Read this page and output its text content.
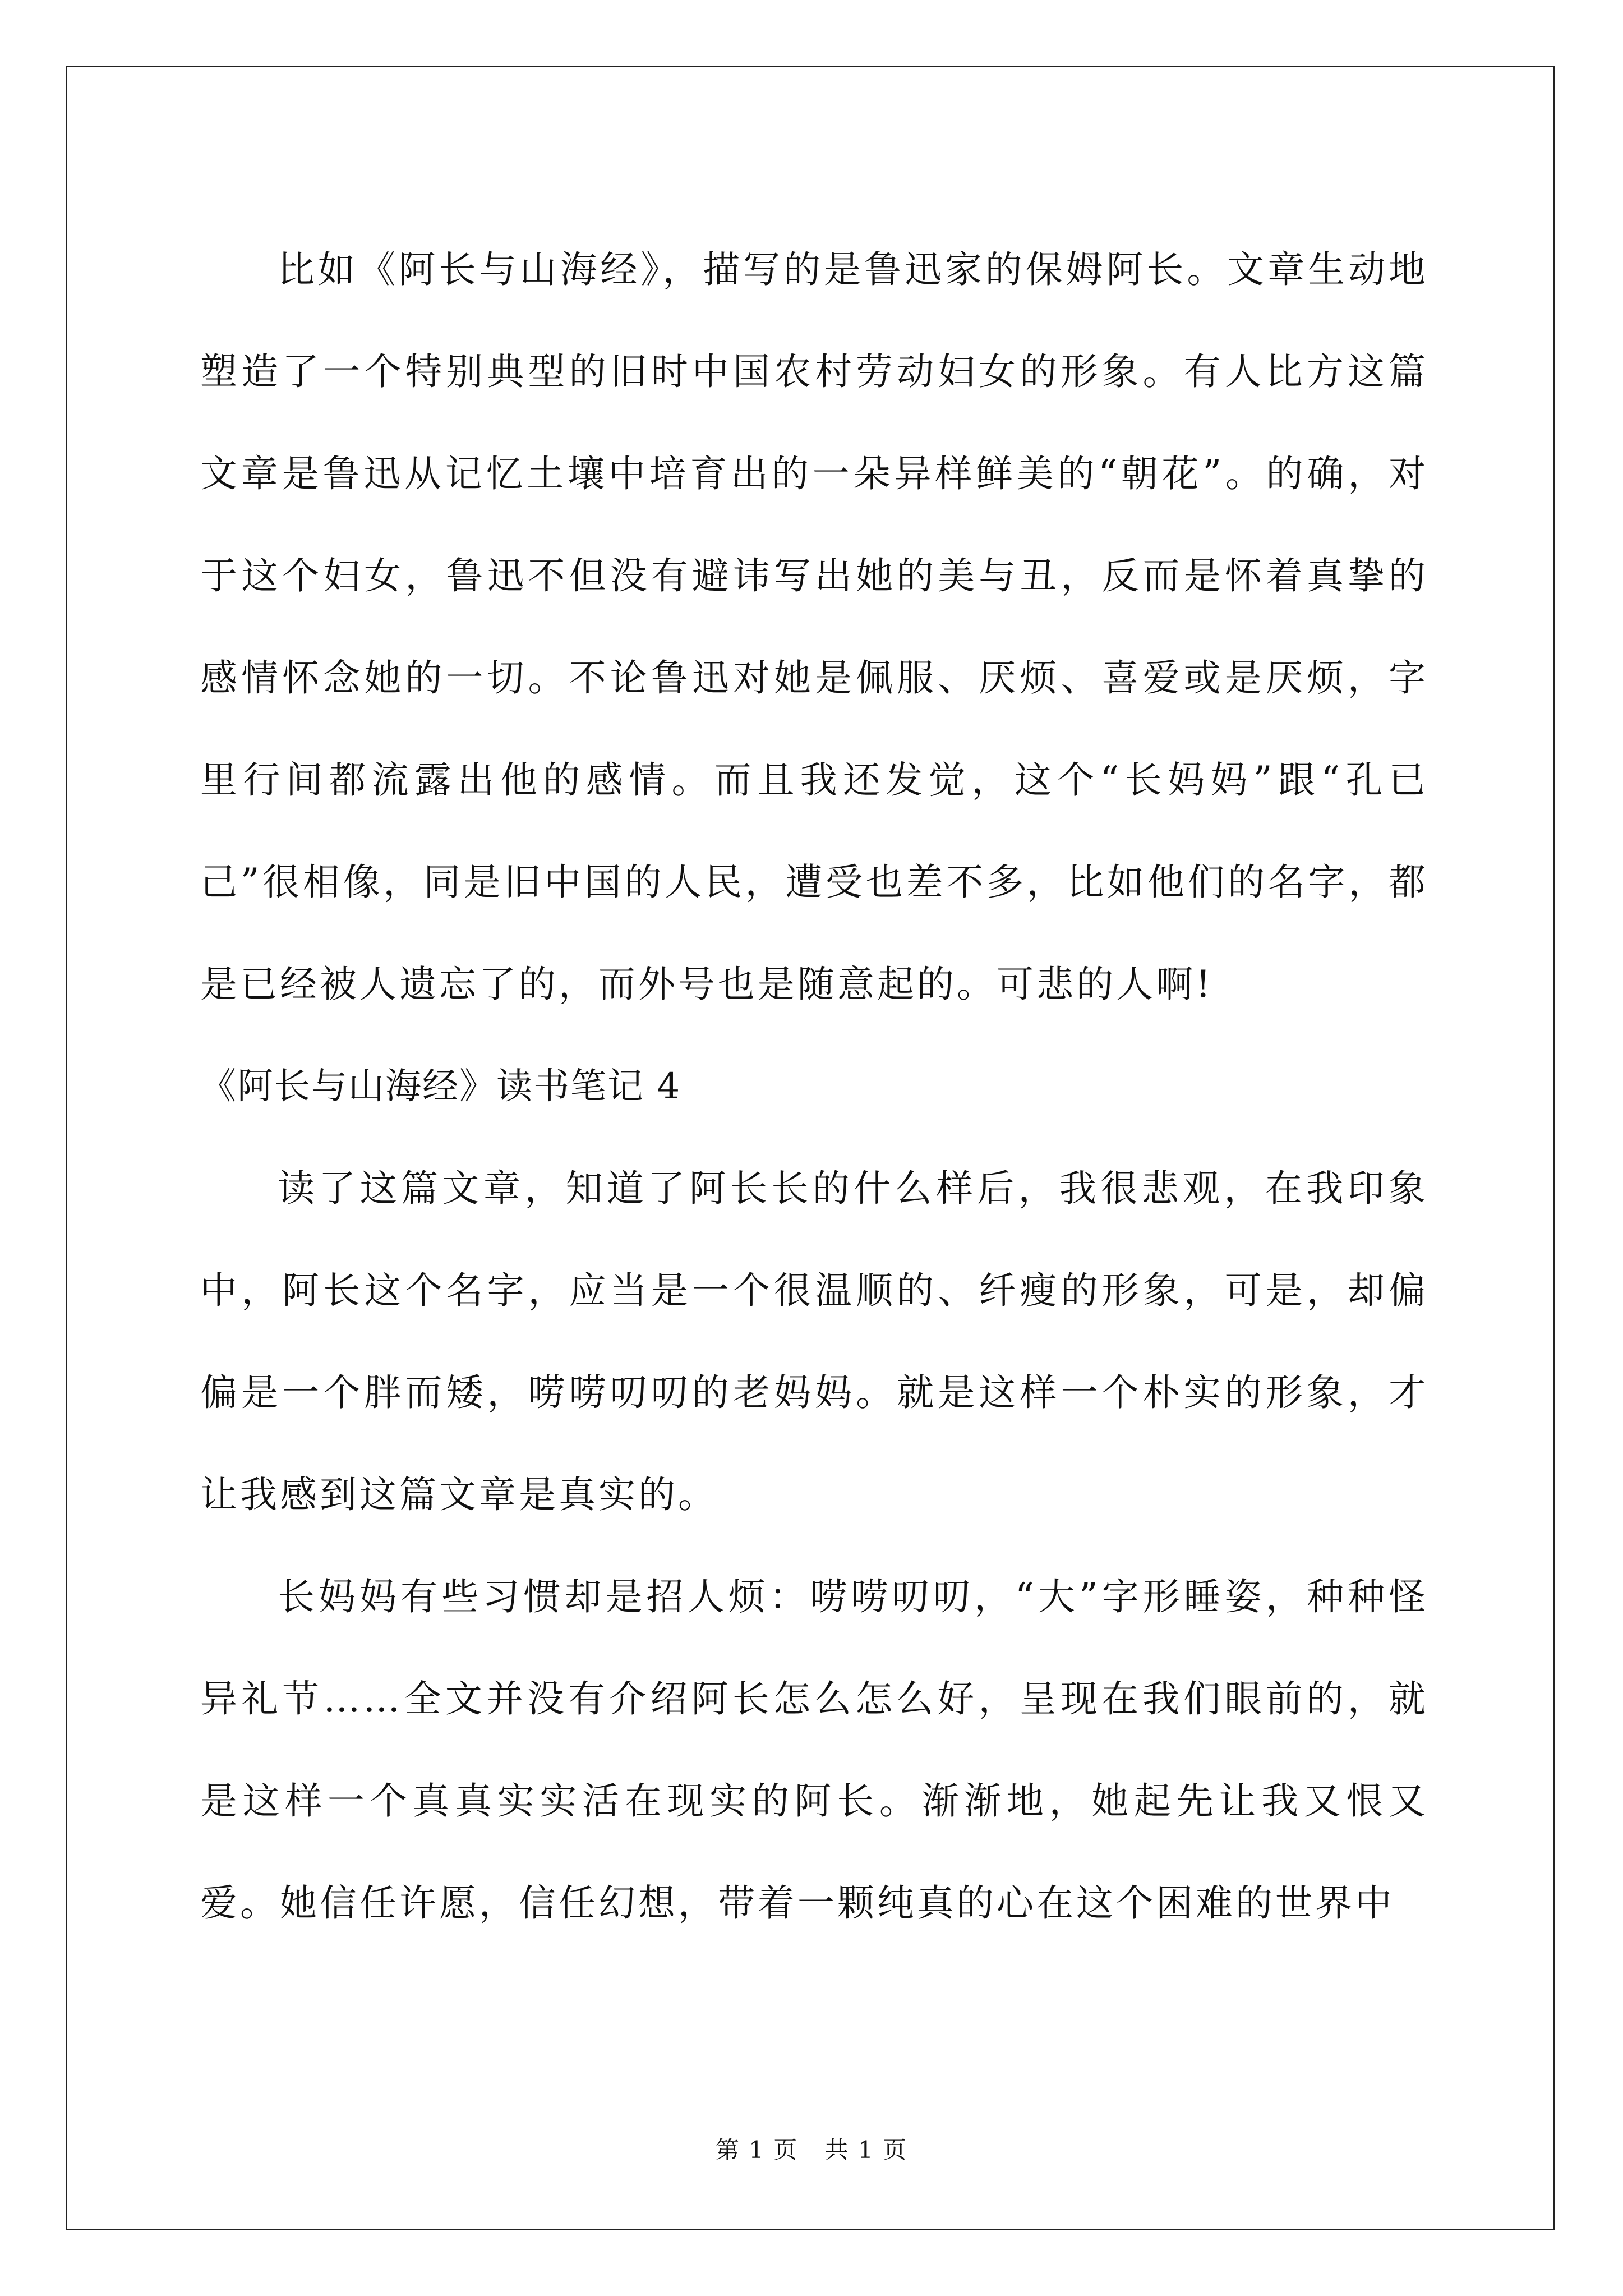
比如《阿长与山海经》，描写的是鲁迅家的保姆阿长。文章生动地塑造了一个特别典型的旧时中国农村劳动妇女的形象。有人比方这篇文章是鲁迅从记忆土壤中培育出的一朵异样鲜美的“朝花”。的确，对于这个妇女，鲁迅不但没有避讳写出她的美与丑，反而是怀着真挚的感情怀念她的一切。不论鲁迅对她是佩服、厌烦、喜爱或是厌烦，字里行间都流露出他的感情。而且我还发觉，这个“长妈妈”跟“孔已己”很相像，同是旧中国的人民，遭受也差不多，比如他们的名字，都是已经被人遗忘了的，而外号也是随意起的。可悲的人啊!

《阿长与山海经》读书笔记 4

读了这篇文章，知道了阿长长的什么样后，我很悲观，在我印象中，阿长这个名字，应当是一个很温顺的、纤瘦的形象，可是，却偏偏是一个胖而矮，唠唠叨叨的老妈妈。就是这样一个朴实的形象，才让我感到这篇文章是真实的。

长妈妈有些习惯却是招人烦：唠唠叨叨，“大”字形睡姿，种种怪异礼节……全文并没有介绍阿长怎么怎么好，呈现在我们眼前的，就是这样一个真真实实活在现实的阿长。渐渐地，她起先让我又恨又爱。她信任许愿，信任幻想，带着一颗纯真的心在这个困难的世界中

第 1 页 共 1 页
